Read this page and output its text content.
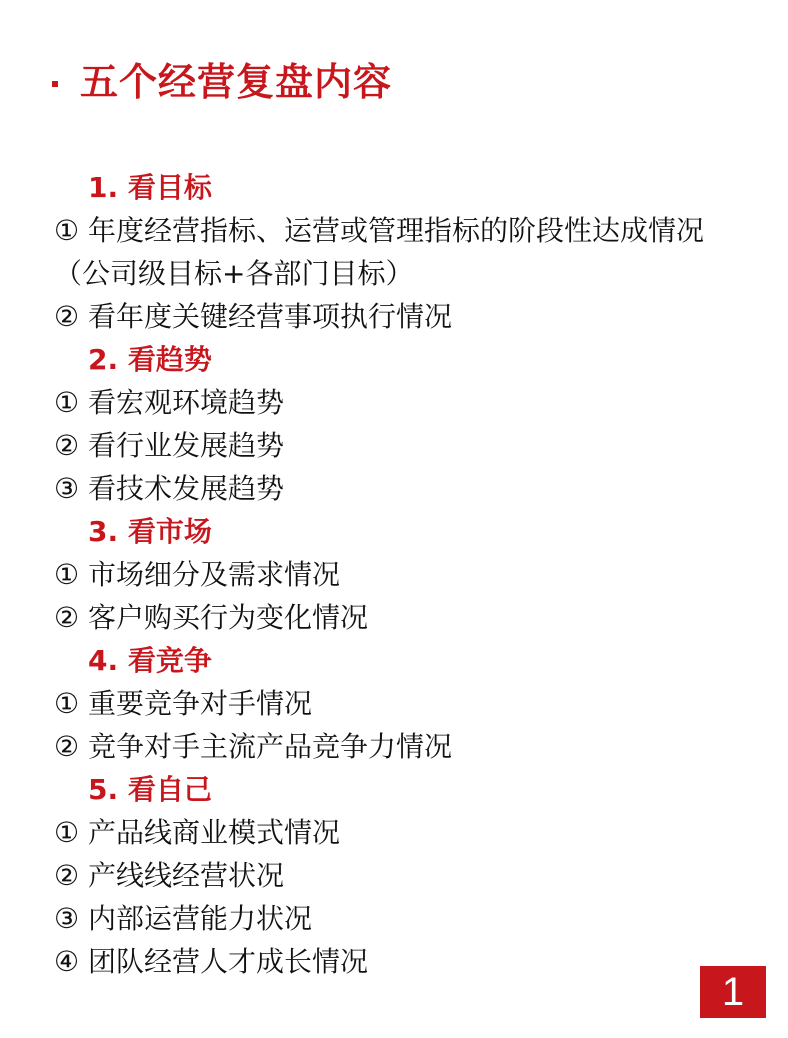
五个经营复盘内容

1. 看目标

① 年度经营指标、运营或管理指标的阶段性达成情况（公司级目标+各部门目标）

② 看年度关键经营事项执行情况

2. 看趋势

① 看宏观环境趋势

② 看行业发展趋势

③ 看技术发展趋势

3. 看市场

① 市场细分及需求情况

② 客户购买行为变化情况

4. 看竞争

① 重要竞争对手情况

② 竞争对手主流产品竞争力情况

5. 看自己

① 产品线商业模式情况

② 产线线经营状况

③ 内部运营能力状况

④ 团队经营人才成长情况

1
